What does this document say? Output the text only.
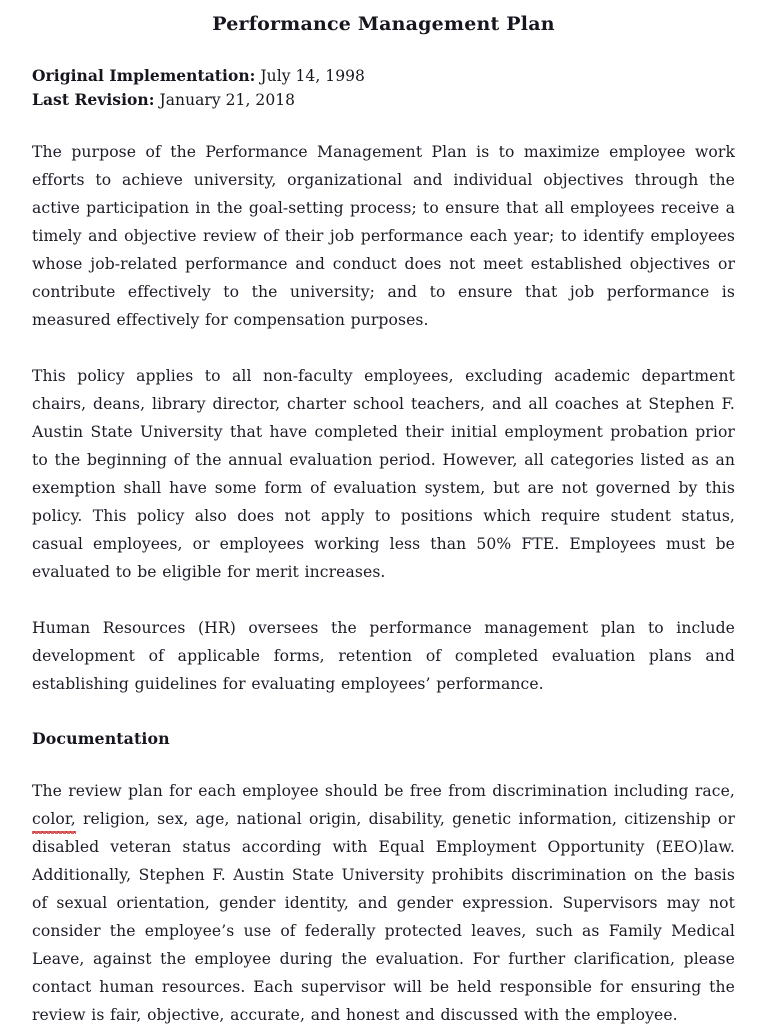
Performance Management Plan
Original Implementation: July 14, 1998
Last Revision: January 21, 2018

The purpose of the Performance Management Plan is to maximize employee work efforts to achieve university, organizational and individual objectives through the active participation in the goal-setting process; to ensure that all employees receive a timely and objective review of their job performance each year; to identify employees whose job-related performance and conduct does not meet established objectives or contribute effectively to the university; and to ensure that job performance is measured effectively for compensation purposes.

This policy applies to all non-faculty employees, excluding academic department chairs, deans, library director, charter school teachers, and all coaches at Stephen F. Austin State University that have completed their initial employment probation prior to the beginning of the annual evaluation period. However, all categories listed as an exemption shall have some form of evaluation system, but are not governed by this policy. This policy also does not apply to positions which require student status, casual employees, or employees working less than 50% FTE. Employees must be evaluated to be eligible for merit increases.

Human Resources (HR) oversees the performance management plan to include development of applicable forms, retention of completed evaluation plans and establishing guidelines for evaluating employees’ performance.

Documentation

The review plan for each employee should be free from discrimination including race, color, religion, sex, age, national origin, disability, genetic information, citizenship or disabled veteran status according with Equal Employment Opportunity (EEO)law. Additionally, Stephen F. Austin State University prohibits discrimination on the basis of sexual orientation, gender identity, and gender expression. Supervisors may not consider the employee’s use of federally protected leaves, such as Family Medical Leave, against the employee during the evaluation. For further clarification, please contact human resources. Each supervisor will be held responsible for ensuring the review is fair, objective, accurate, and honest and discussed with the employee.
